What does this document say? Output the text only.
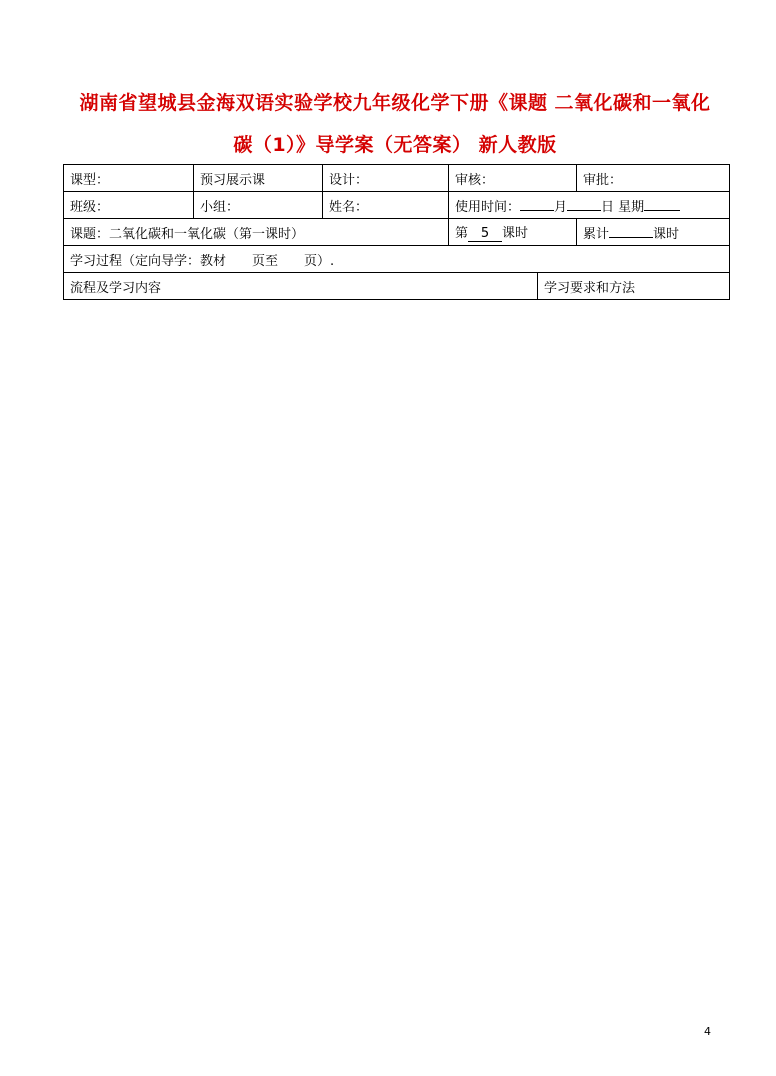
湖南省望城县金海双语实验学校九年级化学下册《课题 二氧化碳和一氧化
碳（1）》导学案（无答案） 新人教版
课型：	预习展示课	设计：	审核：		审批：
班级：	小组：	姓名：	使用时间： 月 日 星期		
课题：二氧化碳和一氧化碳（第一课时）			第 5 课时		累计 课时
学习过程（定向导学：教材 页至 页）.					
流程及学习内容				学习要求和方法	
4
